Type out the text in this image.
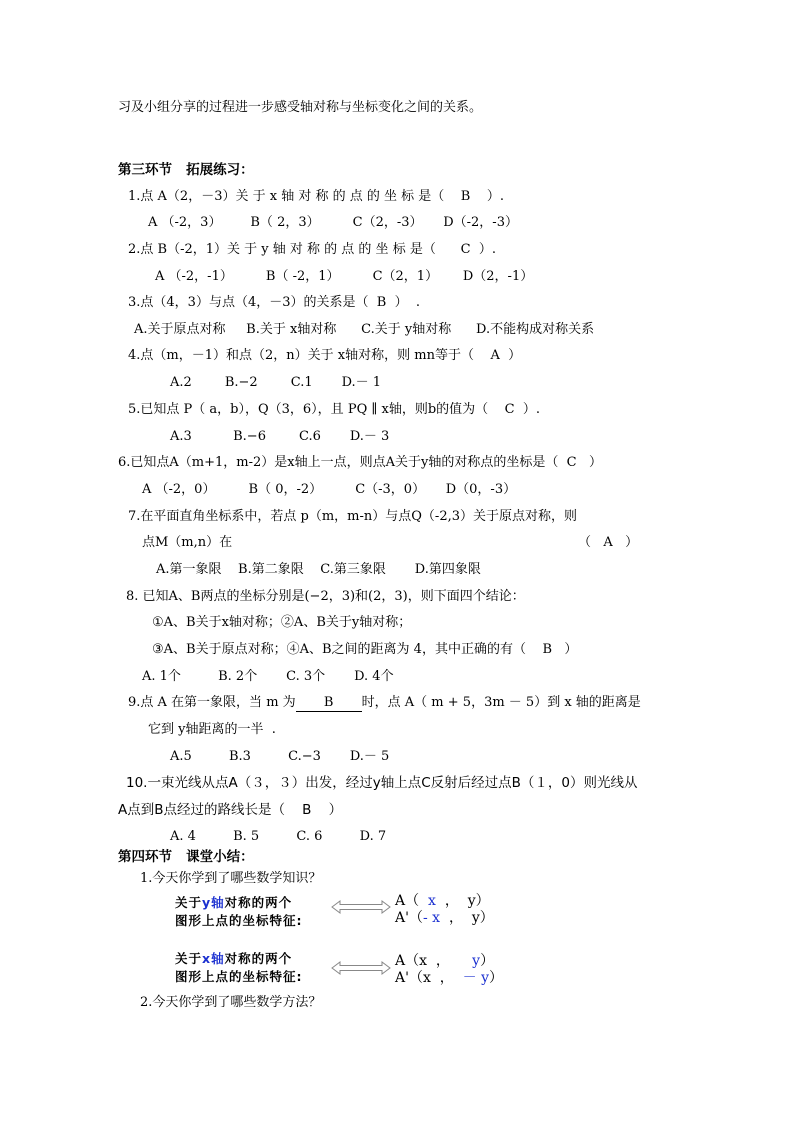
习及小组分享的过程进一步感受轴对称与坐标变化之间的关系。
第三环节   拓展练习：
1.点 A（2，－3）关 于 x 轴 对 称 的 点 的 坐 标 是（    B    ）.
A （-2，3）       B（ 2，3）        C（2，-3）     D（-2，-3）
2.点 B（-2，1）关 于 y 轴 对 称 的 点 的 坐 标 是（      C  ）.
A （-2，-1）        B（ -2，1）        C（2，1）      D（2，-1）
3.点（4，3）与点（4，－3）的关系是（  B  ）  .
A.关于原点对称     B.关于 x轴对称      C.关于 y轴对称      D.不能构成对称关系
4.点（m，－1）和点（2，n）关于 x轴对称，则 mn等于（    A  ）
A.2        B.−2        C.1       D.－ 1
5.已知点 P（ a，b），Q（3，6），且 PQ ∥ x轴，则b的值为（    C  ）.
A.3          B.−6        C.6       D.－ 3
6.已知点A（m+1，m-2）是x轴上一点，则点A关于y轴的对称点的坐标是（  C   ）
A （-2，0）        B（ 0，-2）        C（-3，0）     D（0，-3）
7.在平面直角坐标系中，若点 p（m，m-n）与点Q（-2,3）关于原点对称，则
点M（m,n）在	（   A   ）
A.第一象限    B.第二象限    C.第三象限       D.第四象限
8. 已知A、B两点的坐标分别是(−2，3)和(2，3)，则下面四个结论：
①A、B关于x轴对称；②A、B关于y轴对称；
③A、B关于原点对称；④A、B之间的距离为 4，其中正确的有（    B   ）
A. 1个         B. 2个       C. 3个       D. 4个
9.点 A 在第一象限，当 m 为 B 时，点 A（ m + 5，3m － 5）到 x 轴的距离是
它到 y轴距离的一半  .
A.5         B.3         C.−3       D.－ 5
10.一束光线从点A（３，３）出发，经过y轴上点C反射后经过点B（１，0）则光线从
A点到B点经过的路线长是（    B    ）
A. 4         B. 5         C. 6         D. 7
第四环节   课堂小结：
1.今天你学到了哪些数学知识？
关于y轴对称的两个
图形上点的坐标特征:
A（  x  ，  y）
A'（- x  ，  y）
关于x轴对称的两个
图形上点的坐标特征:
A（x  ，     y）
A'（x  ，  － y）
2.今天你学到了哪些数学方法？
